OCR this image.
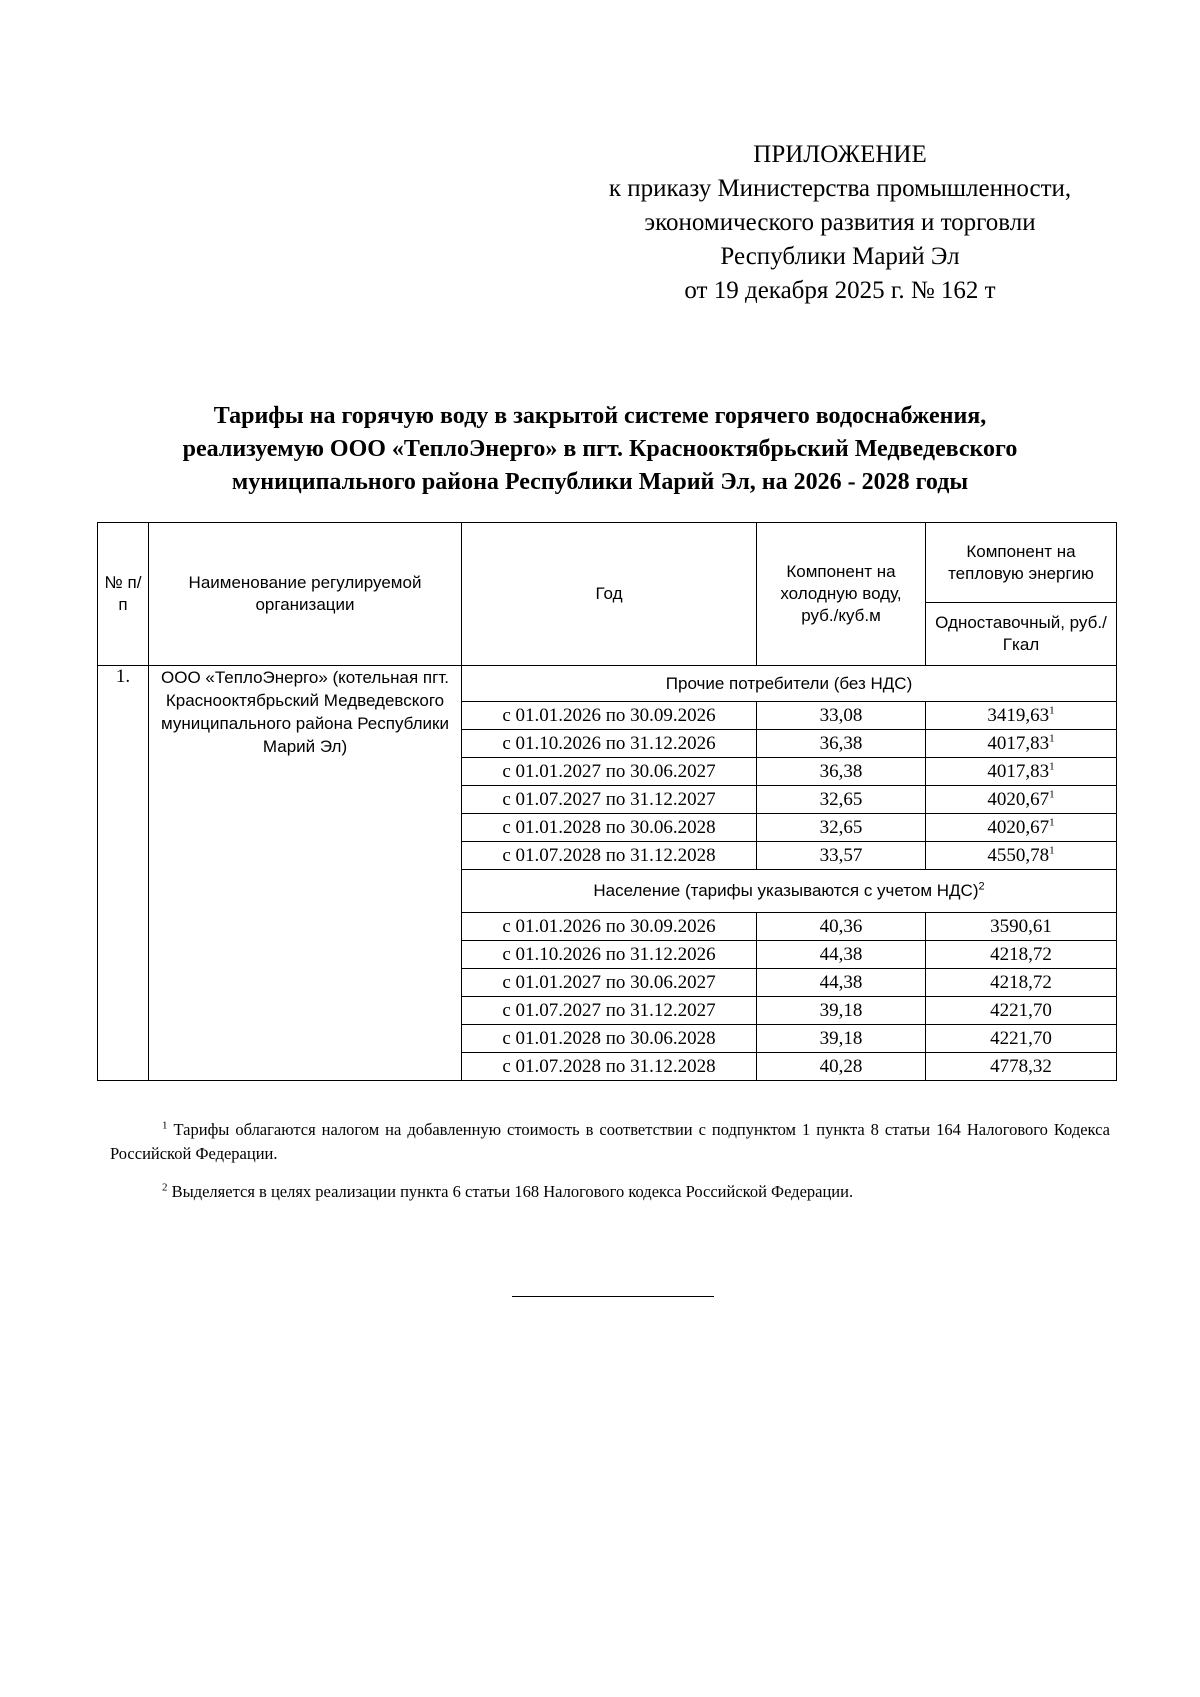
ПРИЛОЖЕНИЕ
к приказу Министерства промышленности,
экономического развития и торговли
Республики Марий Эл
от 19 декабря 2025 г. № 162 т
Тарифы на горячую воду в закрытой системе горячего водоснабжения,
реализуемую ООО «ТеплоЭнерго» в пгт. Краснооктябрьский Медведевского
муниципального района Республики Марий Эл, на 2026 - 2028 годы
№ п/п	Наименование регулируемой организации	Год	Компонент на холодную воду, руб./куб.м	Компонент на тепловую энергию
				Одноставочный, руб./Гкал
1.	ООО «ТеплоЭнерго» (котельная пгт. Краснооктябрьский Медведевского муниципального района Республики Марий Эл)	Прочие потребители (без НДС)		
		с 01.01.2026 по 30.09.2026	33,08	3419,63$^1$
		с 01.10.2026 по 31.12.2026	36,38	4017,83$^1$
		с 01.01.2027 по 30.06.2027	36,38	4017,83$^1$
		с 01.07.2027 по 31.12.2027	32,65	4020,67$^1$
		с 01.01.2028 по 30.06.2028	32,65	4020,67$^1$
		с 01.07.2028 по 31.12.2028	33,57	4550,78$^1$
		Население (тарифы указываются с учетом НДС)$^2$
		с 01.01.2026 по 30.09.2026	40,36	3590,61
		с 01.10.2026 по 31.12.2026	44,38	4218,72
		с 01.01.2027 по 30.06.2027	44,38	4218,72
		с 01.07.2027 по 31.12.2027	39,18	4221,70
		с 01.01.2028 по 30.06.2028	39,18	4221,70
		с 01.07.2028 по 31.12.2028	40,28	4778,32
$^1$ Тарифы облагаются налогом на добавленную стоимость в соответствии с подпунктом 1 пункта 8 статьи 164 Налогового Кодекса Российской Федерации.
$^2$ Выделяется в целях реализации пункта 6 статьи 168 Налогового кодекса Российской Федерации.
